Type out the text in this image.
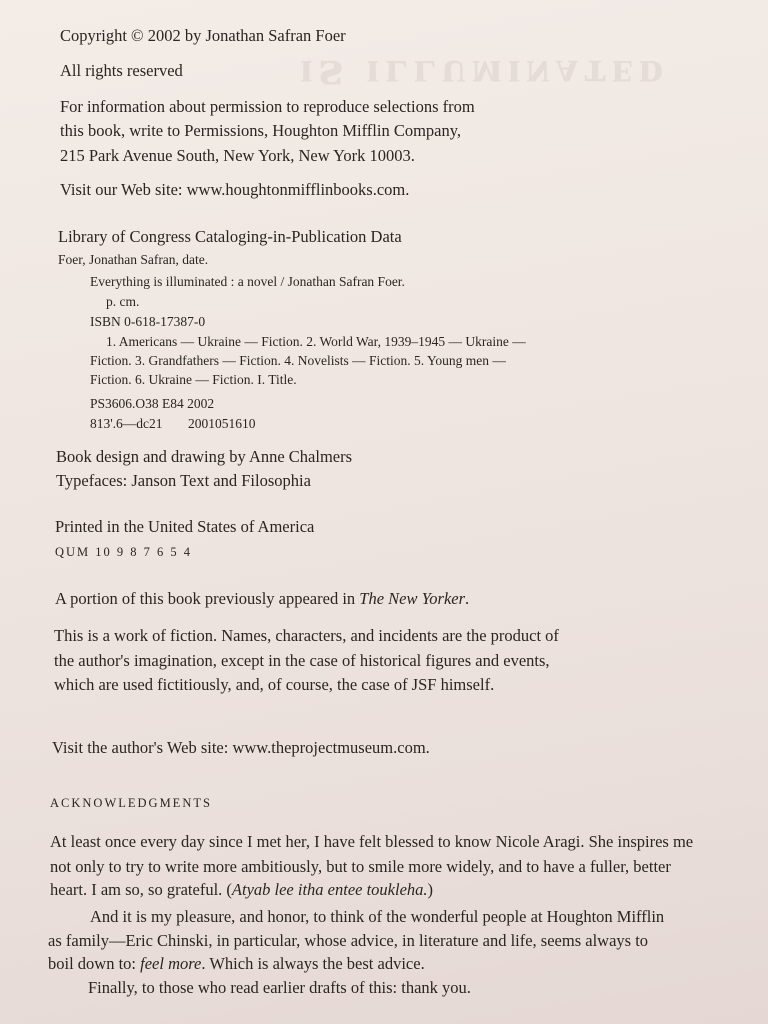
ɪꜱ ɪʟʟᴜᴍɪɴᴀᴛᴇᴅ
Copyright © 2002 by Jonathan Safran Foer
All rights reserved
For information about permission to reproduce selections from
this book, write to Permissions, Houghton Mifflin Company,
215 Park Avenue South, New York, New York 10003.
Visit our Web site: www.houghtonmifflinbooks.com.
Library of Congress Cataloging-in-Publication Data
Foer, Jonathan Safran, date.
Everything is illuminated : a novel / Jonathan Safran Foer.
p. cm.
ISBN 0-618-17387-0
1. Americans — Ukraine — Fiction. 2. World War, 1939–1945 — Ukraine —
Fiction. 3. Grandfathers — Fiction. 4. Novelists — Fiction. 5. Young men —
Fiction. 6. Ukraine — Fiction. I. Title.
PS3606.O38 E84 2002
813'.6—dc21 2001051610
Book design and drawing by Anne Chalmers
Typefaces: Janson Text and Filosophia
Printed in the United States of America
QUM 10 9 8 7 6 5 4
A portion of this book previously appeared in The New Yorker.
This is a work of fiction. Names, characters, and incidents are the product of
the author's imagination, except in the case of historical figures and events,
which are used fictitiously, and, of course, the case of JSF himself.
Visit the author's Web site: www.theprojectmuseum.com.
ACKNOWLEDGMENTS
At least once every day since I met her, I have felt blessed to know Nicole Aragi. She inspires me
not only to try to write more ambitiously, but to smile more widely, and to have a fuller, better
heart. I am so, so grateful. (Atyab lee itha entee toukleha.)
And it is my pleasure, and honor, to think of the wonderful people at Houghton Mifflin
as family—Eric Chinski, in particular, whose advice, in literature and life, seems always to
boil down to: feel more. Which is always the best advice.
Finally, to those who read earlier drafts of this: thank you.
